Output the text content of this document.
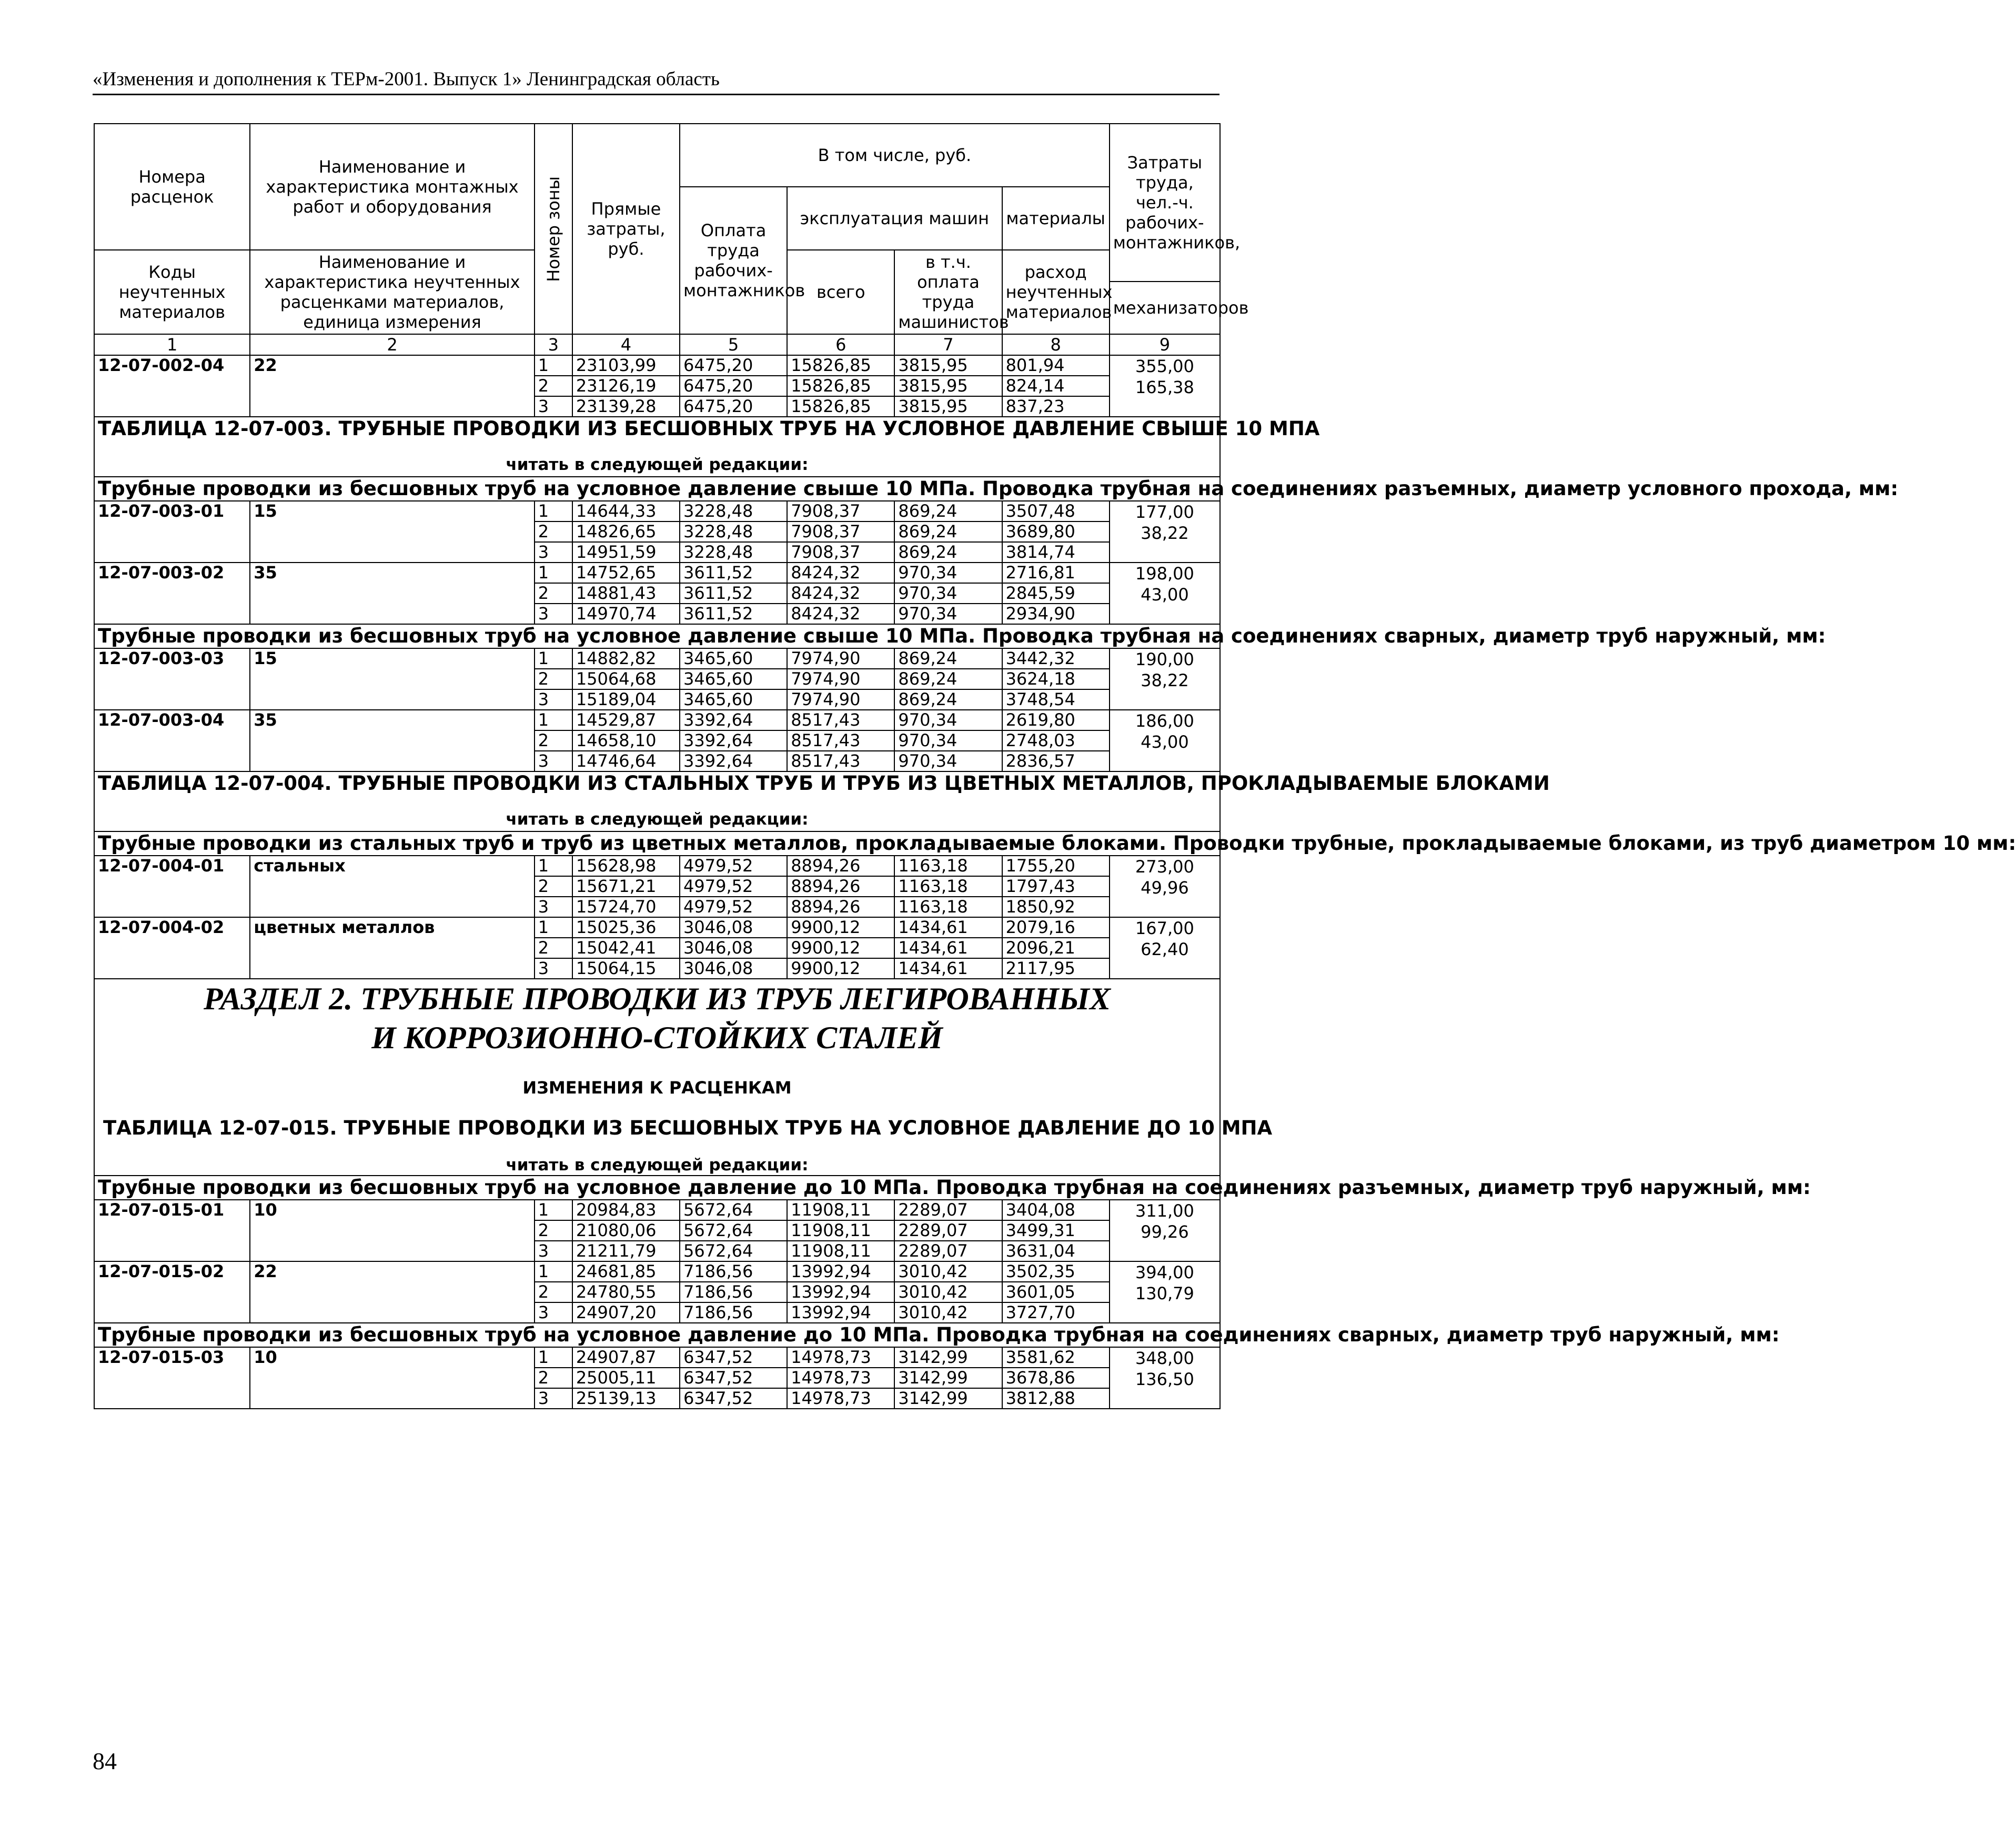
«Изменения и дополнения к ТЕРм-2001. Выпуск 1» Ленинградская область
Номера расценок	Наименование и характеристика монтажных работ и оборудования	Номер зоны	Прямые затраты, руб.	В том числе, руб.				Затраты труда, чел.-ч. рабочих-монтажников,
				Оплата труда рабочих-монтажников	эксплуатация машин		материалы	
Коды неучтенных материалов	Наименование и характеристика неучтенных расценками материалов, единица измерения				всего	в т.ч. оплата труда машинистов	расход неучтенных материалов	
								механизаторов
1	2	3	4	5	6	7	8	9
12-07-002-04	22	1	23103,99	6475,20	15826,85	3815,95	801,94	355,00
165,38

		2	23126,19	6475,20	15826,85	3815,95	824,14	
		3	23139,28	6475,20	15826,85	3815,95	837,23	

ТАБЛИЦА 12-07-003. ТРУБНЫЕ ПРОВОДКИ ИЗ БЕСШОВНЫХ ТРУБ НА УСЛОВНОЕ ДАВЛЕНИЕ СВЫШЕ 10 МПА
читать в следующей редакции:								

Трубные проводки из бесшовных труб на условное давление свыше 10 МПа. Проводка трубная на соединениях разъемных, диаметр условного прохода, мм:								

12-07-003-01	15	1	14644,33	3228,48	7908,37	869,24	3507,48	177,00
38,22

		2	14826,65	3228,48	7908,37	869,24	3689,80	
		3	14951,59	3228,48	7908,37	869,24	3814,74	
12-07-003-02	35	1	14752,65	3611,52	8424,32	970,34	2716,81	198,00
43,00

		2	14881,43	3611,52	8424,32	970,34	2845,59	
		3	14970,74	3611,52	8424,32	970,34	2934,90	

Трубные проводки из бесшовных труб на условное давление свыше 10 МПа. Проводка трубная на соединениях сварных, диаметр труб наружный, мм:								

12-07-003-03	15	1	14882,82	3465,60	7974,90	869,24	3442,32	190,00
38,22

		2	15064,68	3465,60	7974,90	869,24	3624,18	
		3	15189,04	3465,60	7974,90	869,24	3748,54	
12-07-003-04	35	1	14529,87	3392,64	8517,43	970,34	2619,80	186,00
43,00

		2	14658,10	3392,64	8517,43	970,34	2748,03	
		3	14746,64	3392,64	8517,43	970,34	2836,57	

ТАБЛИЦА 12-07-004. ТРУБНЫЕ ПРОВОДКИ ИЗ СТАЛЬНЫХ ТРУБ И ТРУБ ИЗ ЦВЕТНЫХ МЕТАЛЛОВ, ПРОКЛАДЫВАЕМЫЕ БЛОКАМИ
читать в следующей редакции:								

Трубные проводки из стальных труб и труб из цветных металлов, прокладываемые блоками. Проводки трубные, прокладываемые блоками, из труб диаметром 10 мм:								

12-07-004-01	стальных	1	15628,98	4979,52	8894,26	1163,18	1755,20	273,00
49,96

		2	15671,21	4979,52	8894,26	1163,18	1797,43	
		3	15724,70	4979,52	8894,26	1163,18	1850,92	
12-07-004-02	цветных металлов	1	15025,36	3046,08	9900,12	1434,61	2079,16	167,00
62,40

		2	15042,41	3046,08	9900,12	1434,61	2096,21	
		3	15064,15	3046,08	9900,12	1434,61	2117,95	

РАЗДЕЛ 2. ТРУБНЫЕ ПРОВОДКИ ИЗ ТРУБ ЛЕГИРОВАННЫХ
И КОРРОЗИОННО-СТОЙКИХ СТАЛЕЙ
ИЗМЕНЕНИЯ К РАСЦЕНКАМ
ТАБЛИЦА 12-07-015. ТРУБНЫЕ ПРОВОДКИ ИЗ БЕСШОВНЫХ ТРУБ НА УСЛОВНОЕ ДАВЛЕНИЕ ДО 10 МПА
читать в следующей редакции:								

Трубные проводки из бесшовных труб на условное давление до 10 МПа. Проводка трубная на соединениях разъемных, диаметр труб наружный, мм:								

12-07-015-01	10	1	20984,83	5672,64	11908,11	2289,07	3404,08	311,00
99,26

		2	21080,06	5672,64	11908,11	2289,07	3499,31	
		3	21211,79	5672,64	11908,11	2289,07	3631,04	
12-07-015-02	22	1	24681,85	7186,56	13992,94	3010,42	3502,35	394,00
130,79

		2	24780,55	7186,56	13992,94	3010,42	3601,05	
		3	24907,20	7186,56	13992,94	3010,42	3727,70	

Трубные проводки из бесшовных труб на условное давление до 10 МПа. Проводка трубная на соединениях сварных, диаметр труб наружный, мм:								

12-07-015-03	10	1	24907,87	6347,52	14978,73	3142,99	3581,62	348,00
136,50

		2	25005,11	6347,52	14978,73	3142,99	3678,86	
		3	25139,13	6347,52	14978,73	3142,99	3812,88	
84
